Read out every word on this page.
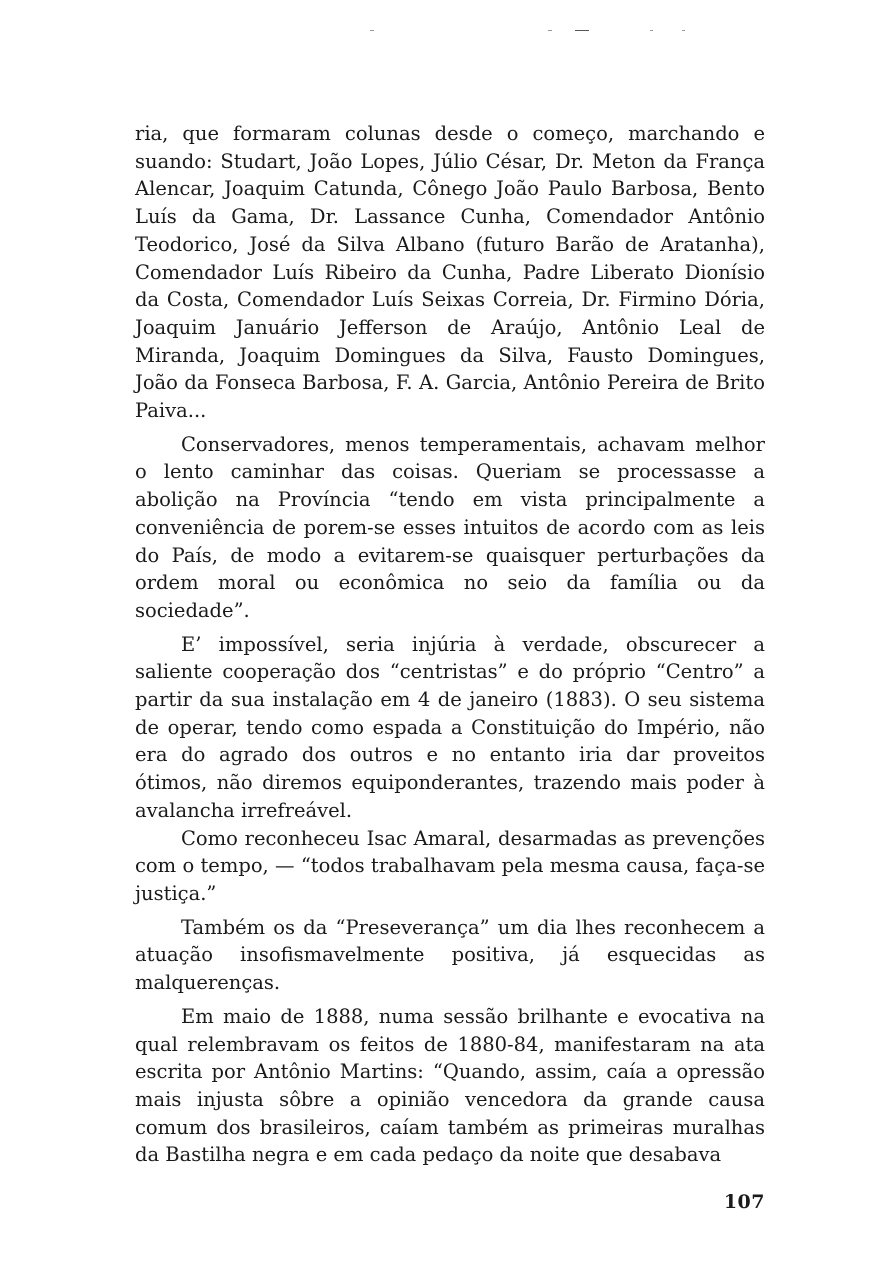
ria, que formaram colunas desde o começo, marchando e suando: Studart, João Lopes, Júlio César, Dr. Meton da França Alencar, Joaquim Catunda, Cônego João Paulo Barbosa, Bento Luís da Gama, Dr. Lassance Cunha, Comendador Antônio Teodorico, José da Silva Albano (futuro Barão de Aratanha), Comendador Luís Ribeiro da Cunha, Padre Liberato Dionísio da Costa, Comendador Luís Seixas Correia, Dr. Firmino Dória, Joaquim Januário Jefferson de Araújo, Antônio Leal de Miranda, Joaquim Domingues da Silva, Fausto Domingues, João da Fonseca Barbosa, F. A. Garcia, Antônio Pereira de Brito Paiva...

Conservadores, menos temperamentais, achavam melhor o lento caminhar das coisas. Queriam se processasse a abolição na Província “tendo em vista principalmente a conveniência de porem-se esses intuitos de acordo com as leis do País, de modo a evitarem-se quaisquer perturbações da ordem moral ou econômica no seio da família ou da sociedade”.

E’ impossível, seria injúria à verdade, obscurecer a saliente cooperação dos “centristas” e do próprio “Centro” a partir da sua instalação em 4 de janeiro (1883). O seu sistema de operar, tendo como espada a Constituição do Império, não era do agrado dos outros e no entanto iria dar proveitos ótimos, não diremos equiponderantes, trazendo mais poder à avalancha irrefreável.

Como reconheceu Isac Amaral, desarmadas as prevenções com o tempo, — “todos trabalhavam pela mesma causa, faça-se justiça.”

Também os da “Preseverança” um dia lhes reconhecem a atuação insofismavelmente positiva, já esquecidas as malquerenças.

Em maio de 1888, numa sessão brilhante e evocativa na qual relembravam os feitos de 1880-84, manifestaram na ata escrita por Antônio Martins: “Quando, assim, caía a opressão mais injusta sôbre a opinião vencedora da grande causa comum dos brasileiros, caíam também as primeiras muralhas da Bastilha negra e em cada pedaço da noite que desabava

107
